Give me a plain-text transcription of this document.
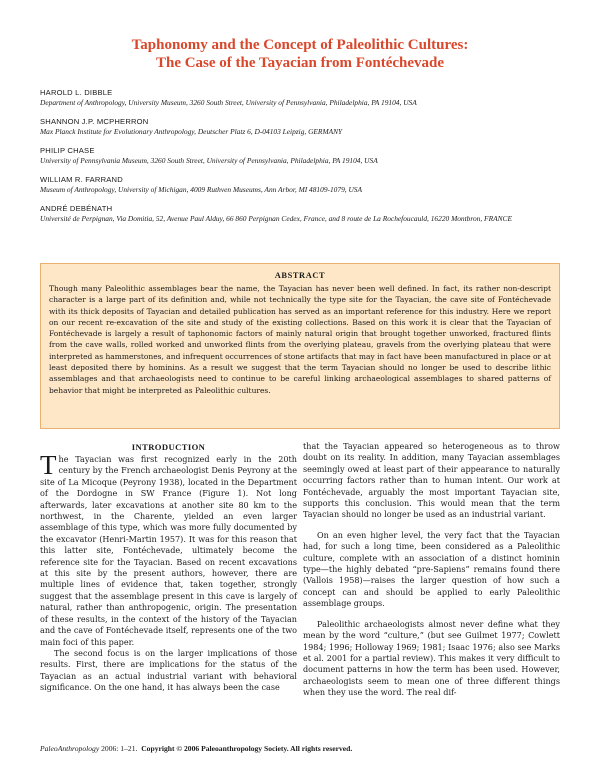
Taphonomy and the Concept of Paleolithic Cultures:
The Case of the Tayacian from Fontéchevade
HAROLD L. DIBBLE
Department of Anthropology, University Museum, 3260 South Street, University of Pennsylvania, Philadelphia, PA 19104, USA
SHANNON J.P. MCPHERRON
Max Planck Institute for Evolutionary Anthropology, Deutscher Platz 6, D-04103 Leipzig, GERMANY
PHILIP CHASE
University of Pennsylvania Museum, 3260 South Street, University of Pennsylvania, Philadelphia, PA 19104, USA
WILLIAM R. FARRAND
Museum of Anthropology, University of Michigan, 4009 Ruthven Museums, Ann Arbor, MI 48109-1079, USA
ANDRÉ DEBÉNATH
Université de Perpignan, Via Domitia, 52, Avenue Paul Alduy, 66 860 Perpignan Cedex, France, and 8 route de La Rochefoucauld, 16220 Montbron, FRANCE
ABSTRACT
Though many Paleolithic assemblages bear the name, the Tayacian has never been well defined. In fact, its rather non-descript character is a large part of its definition and, while not technically the type site for the Tayacian, the cave site of Fontéchevade with its thick deposits of Tayacian and detailed publication has served as an important reference for this industry. Here we report on our recent re-excavation of the site and study of the existing collections. Based on this work it is clear that the Tayacian of Fontéchevade is largely a result of taphonomic factors of mainly natural origin that brought together unworked, fractured flints from the cave walls, rolled worked and unworked flints from the overlying plateau, gravels from the overlying plateau that were interpreted as hammerstones, and infrequent occurrences of stone artifacts that may in fact have been manufactured in place or at least deposited there by hominins. As a result we suggest that the term Tayacian should no longer be used to describe lithic assemblages and that archaeologists need to continue to be careful linking archaeological assemblages to shared patterns of behavior that might be interpreted as Paleolithic cultures.
INTRODUCTION

The Tayacian was first recognized early in the 20th century by the French archaeologist Denis Peyrony at the site of La Micoque (Peyrony 1938), located in the Department of the Dordogne in SW France (Figure 1). Not long afterwards, later excavations at another site 80 km to the northwest, in the Charente, yielded an even larger assemblage of this type, which was more fully documented by the excavator (Henri-Martin 1957). It was for this reason that this latter site, Fontéchevade, ultimately become the reference site for the Tayacian. Based on recent excavations at this site by the present authors, however, there are multiple lines of evidence that, taken together, strongly suggest that the assemblage present in this cave is largely of natural, rather than anthropogenic, origin. The presentation of these results, in the context of the history of the Tayacian and the cave of Fontéchevade itself, represents one of the two main foci of this paper.

The second focus is on the larger implications of those results. First, there are implications for the status of the Tayacian as an actual industrial variant with behavioral significance. On the one hand, it has always been the case

that the Tayacian appeared so heterogeneous as to throw doubt on its reality. In addition, many Tayacian assemblages seemingly owed at least part of their appearance to naturally occurring factors rather than to human intent. Our work at Fontéchevade, arguably the most important Tayacian site, supports this conclusion. This would mean that the term Tayacian should no longer be used as an industrial variant.

On an even higher level, the very fact that the Tayacian had, for such a long time, been considered as a Paleolithic culture, complete with an association of a distinct hominin type—the highly debated “pre-Sapiens” remains found there (Vallois 1958)—raises the larger question of how such a concept can and should be applied to early Paleolithic assemblage groups.

Paleolithic archaeologists almost never define what they mean by the word “culture,” (but see Guilmet 1977; Cowlett 1984; 1996; Holloway 1969; 1981; Isaac 1976; also see Marks et al. 2001 for a partial review). This makes it very difficult to document patterns in how the term has been used. However, archaeologists seem to mean one of three different things when they use the word. The real dif-

PaleoAnthropology 2006: 1–21. Copyright © 2006 Paleoanthropology Society. All rights reserved.
